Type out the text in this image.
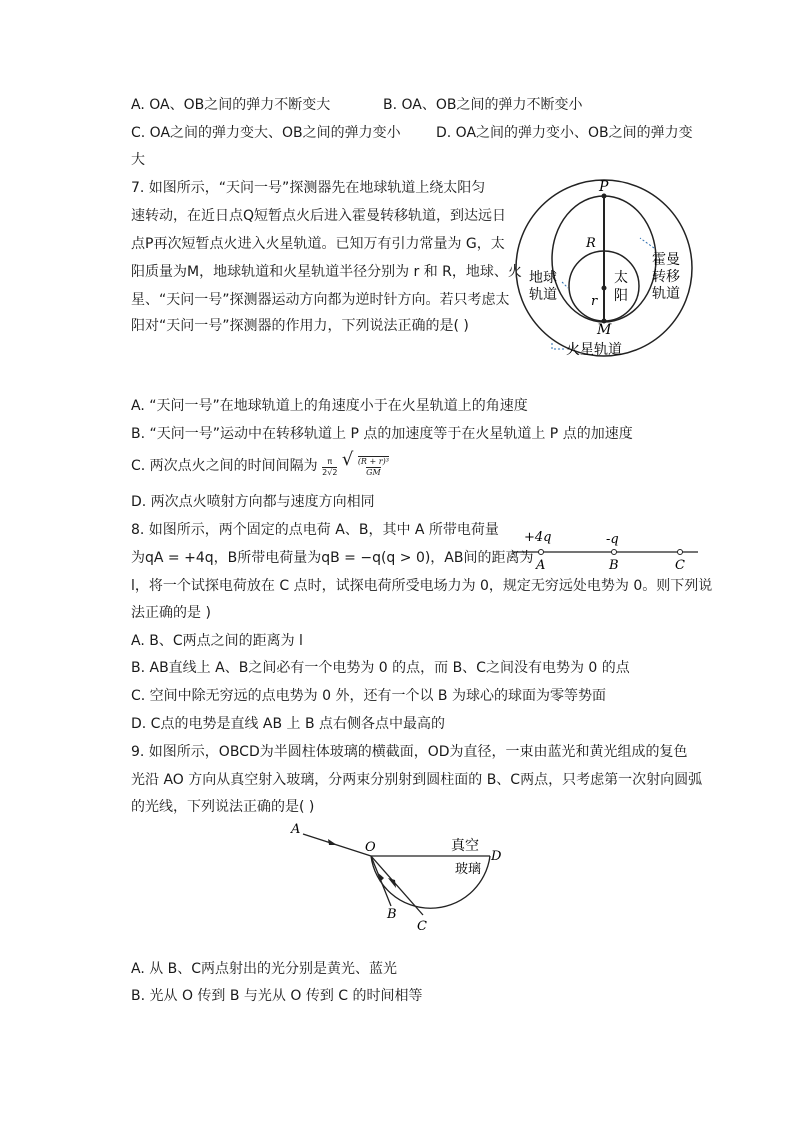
A. OA、OB之间的弹力不断变大	B. OA、OB之间的弹力不断变小
C. OA之间的弹力变大、OB之间的弹力变小	D. OA之间的弹力变小、OB之间的弹力变
大
7. 如图所示，“天问一号”探测器先在地球轨道上绕太阳匀
速转动，在近日点Q短暂点火后进入霍曼转移轨道，到达远日
点P再次短暂点火进入火星轨道。已知万有引力常量为 G，太
阳质量为M，地球轨道和火星轨道半径分别为 r 和 R，地球、火
星、“天问一号”探测器运动方向都为逆时针方向。若只考虑太
阳对“天问一号”探测器的作用力，下列说法正确的是( )
P
M
R
r
地球
轨道
太
阳
霍曼
转移
轨道
火星轨道
A. “天问一号”在地球轨道上的角速度小于在火星轨道上的角速度
B. “天问一号”运动中在转移轨道上 P 点的加速度等于在火星轨道上 P 点的加速度
C. 两次点火之间的时间间隔为 $\frac{\pi}{2√2}$ √ $\frac{\text{(R + r)³}}{GM}$
D. 两次点火喷射方向都与速度方向相同
8. 如图所示，两个固定的点电荷 A、B，其中 A 所带电荷量
为qA = +4q，B所带电荷量为qB = −q(q > 0)，AB间的距离为
l，将一个试探电荷放在 C 点时，试探电荷所受电场力为 0，规定无穷远处电势为 0。则下列说
法正确的是 )
+4q	-q
A	B	C
A. B、C两点之间的距离为 l
B. AB直线上 A、B之间必有一个电势为 0 的点，而 B、C之间没有电势为 0 的点
C. 空间中除无穷远的点电势为 0 外，还有一个以 B 为球心的球面为零等势面
D. C点的电势是直线 AB 上 B 点右侧各点中最高的
9. 如图所示，OBCD为半圆柱体玻璃的横截面，OD为直径，一束由蓝光和黄光组成的复色
光沿 AO 方向从真空射入玻璃，分两束分别射到圆柱面的 B、C两点，只考虑第一次射向圆弧
的光线，下列说法正确的是( )
A
O
D
B
C
真空
玻璃
A. 从 B、C两点射出的光分别是黄光、蓝光
B. 光从 O 传到 B 与光从 O 传到 C 的时间相等
